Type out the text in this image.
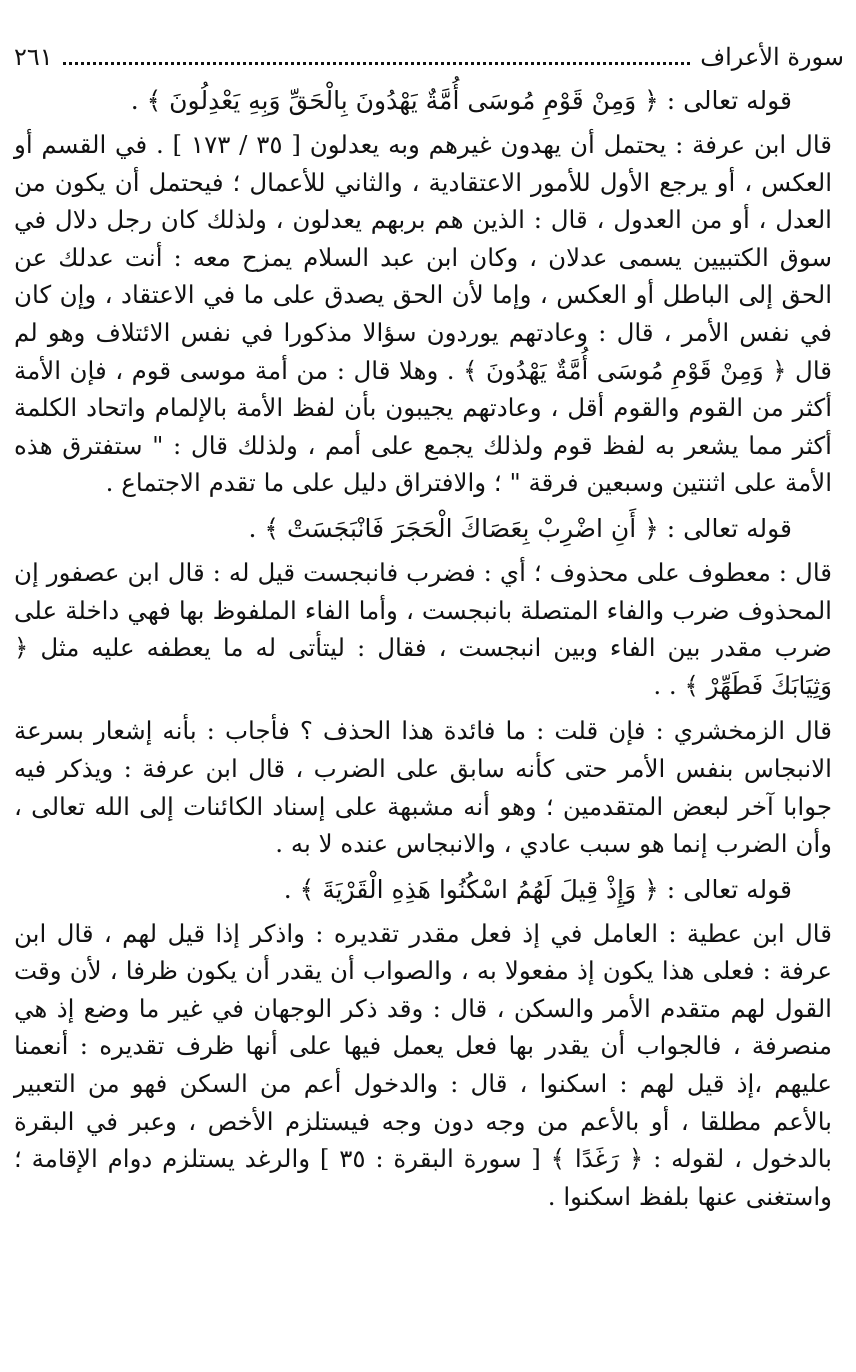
سورة الأعراف
٢٦١

قوله تعالى : ﴿ وَمِنْ قَوْمِ مُوسَى أُمَّةٌ يَهْدُونَ بِالْحَقِّ وَبِهِ يَعْدِلُونَ ﴾ .

قال ابن عرفة : يحتمل أن يهدون غيرهم وبه يعدلون [ ٣٥ / ١٧٣ ] . في القسم أو العكس ، أو يرجع الأول للأمور الاعتقادية ، والثاني للأعمال ؛ فيحتمل أن يكون من العدل ، أو من العدول ، قال : الذين هم بربهم يعدلون ، ولذلك كان رجل دلال في سوق الكتبيين يسمى عدلان ، وكان ابن عبد السلام يمزح معه : أنت عدلك عن الحق إلى الباطل أو العكس ، وإما لأن الحق يصدق على ما في الاعتقاد ، وإن كان في نفس الأمر ، قال : وعادتهم يوردون سؤالا مذكورا في نفس الائتلاف وهو لم قال ﴿ وَمِنْ قَوْمِ مُوسَى أُمَّةٌ يَهْدُونَ ﴾ . وهلا قال : من أمة موسى قوم ، فإن الأمة أكثر من القوم والقوم أقل ، وعادتهم يجيبون بأن لفظ الأمة بالإلمام واتحاد الكلمة أكثر مما يشعر به لفظ قوم ولذلك يجمع على أمم ، ولذلك قال : " ستفترق هذه الأمة على اثنتين وسبعين فرقة " ؛ والافتراق دليل على ما تقدم الاجتماع .

قوله تعالى : ﴿ أَنِ اضْرِبْ بِعَصَاكَ الْحَجَرَ فَانْبَجَسَتْ ﴾ .

قال : معطوف على محذوف ؛ أي : فضرب فانبجست قيل له : قال ابن عصفور إن المحذوف ضرب والفاء المتصلة بانبجست ، وأما الفاء الملفوظ بها فهي داخلة على ضرب مقدر بين الفاء وبين انبجست ، فقال : ليتأتى له ما يعطفه عليه مثل ﴿ وَثِيَابَكَ فَطَهِّرْ ﴾ . .

قال الزمخشري : فإن قلت : ما فائدة هذا الحذف ؟ فأجاب : بأنه إشعار بسرعة الانبجاس بنفس الأمر حتى كأنه سابق على الضرب ، قال ابن عرفة : ويذكر فيه جوابا آخر لبعض المتقدمين ؛ وهو أنه مشبهة على إسناد الكائنات إلى الله تعالى ، وأن الضرب إنما هو سبب عادي ، والانبجاس عنده لا به .

قوله تعالى : ﴿ وَإِذْ قِيلَ لَهُمُ اسْكُنُوا هَذِهِ الْقَرْيَةَ ﴾ .

قال ابن عطية : العامل في إذ فعل مقدر تقديره : واذكر إذا قيل لهم ، قال ابن عرفة : فعلى هذا يكون إذ مفعولا به ، والصواب أن يقدر أن يكون ظرفا ، لأن وقت القول لهم متقدم الأمر والسكن ، قال : وقد ذكر الوجهان في غير ما وضع إذ هي منصرفة ، فالجواب أن يقدر بها فعل يعمل فيها على أنها ظرف تقديره : أنعمنا عليهم ،إذ قيل لهم : اسكنوا ، قال : والدخول أعم من السكن فهو من التعبير بالأعم مطلقا ، أو بالأعم من وجه دون وجه فيستلزم الأخص ، وعبر في البقرة بالدخول ، لقوله : ﴿ رَغَدًا ﴾ [ سورة البقرة : ٣٥ ] والرغد يستلزم دوام الإقامة ؛ واستغنى عنها بلفظ اسكنوا .
